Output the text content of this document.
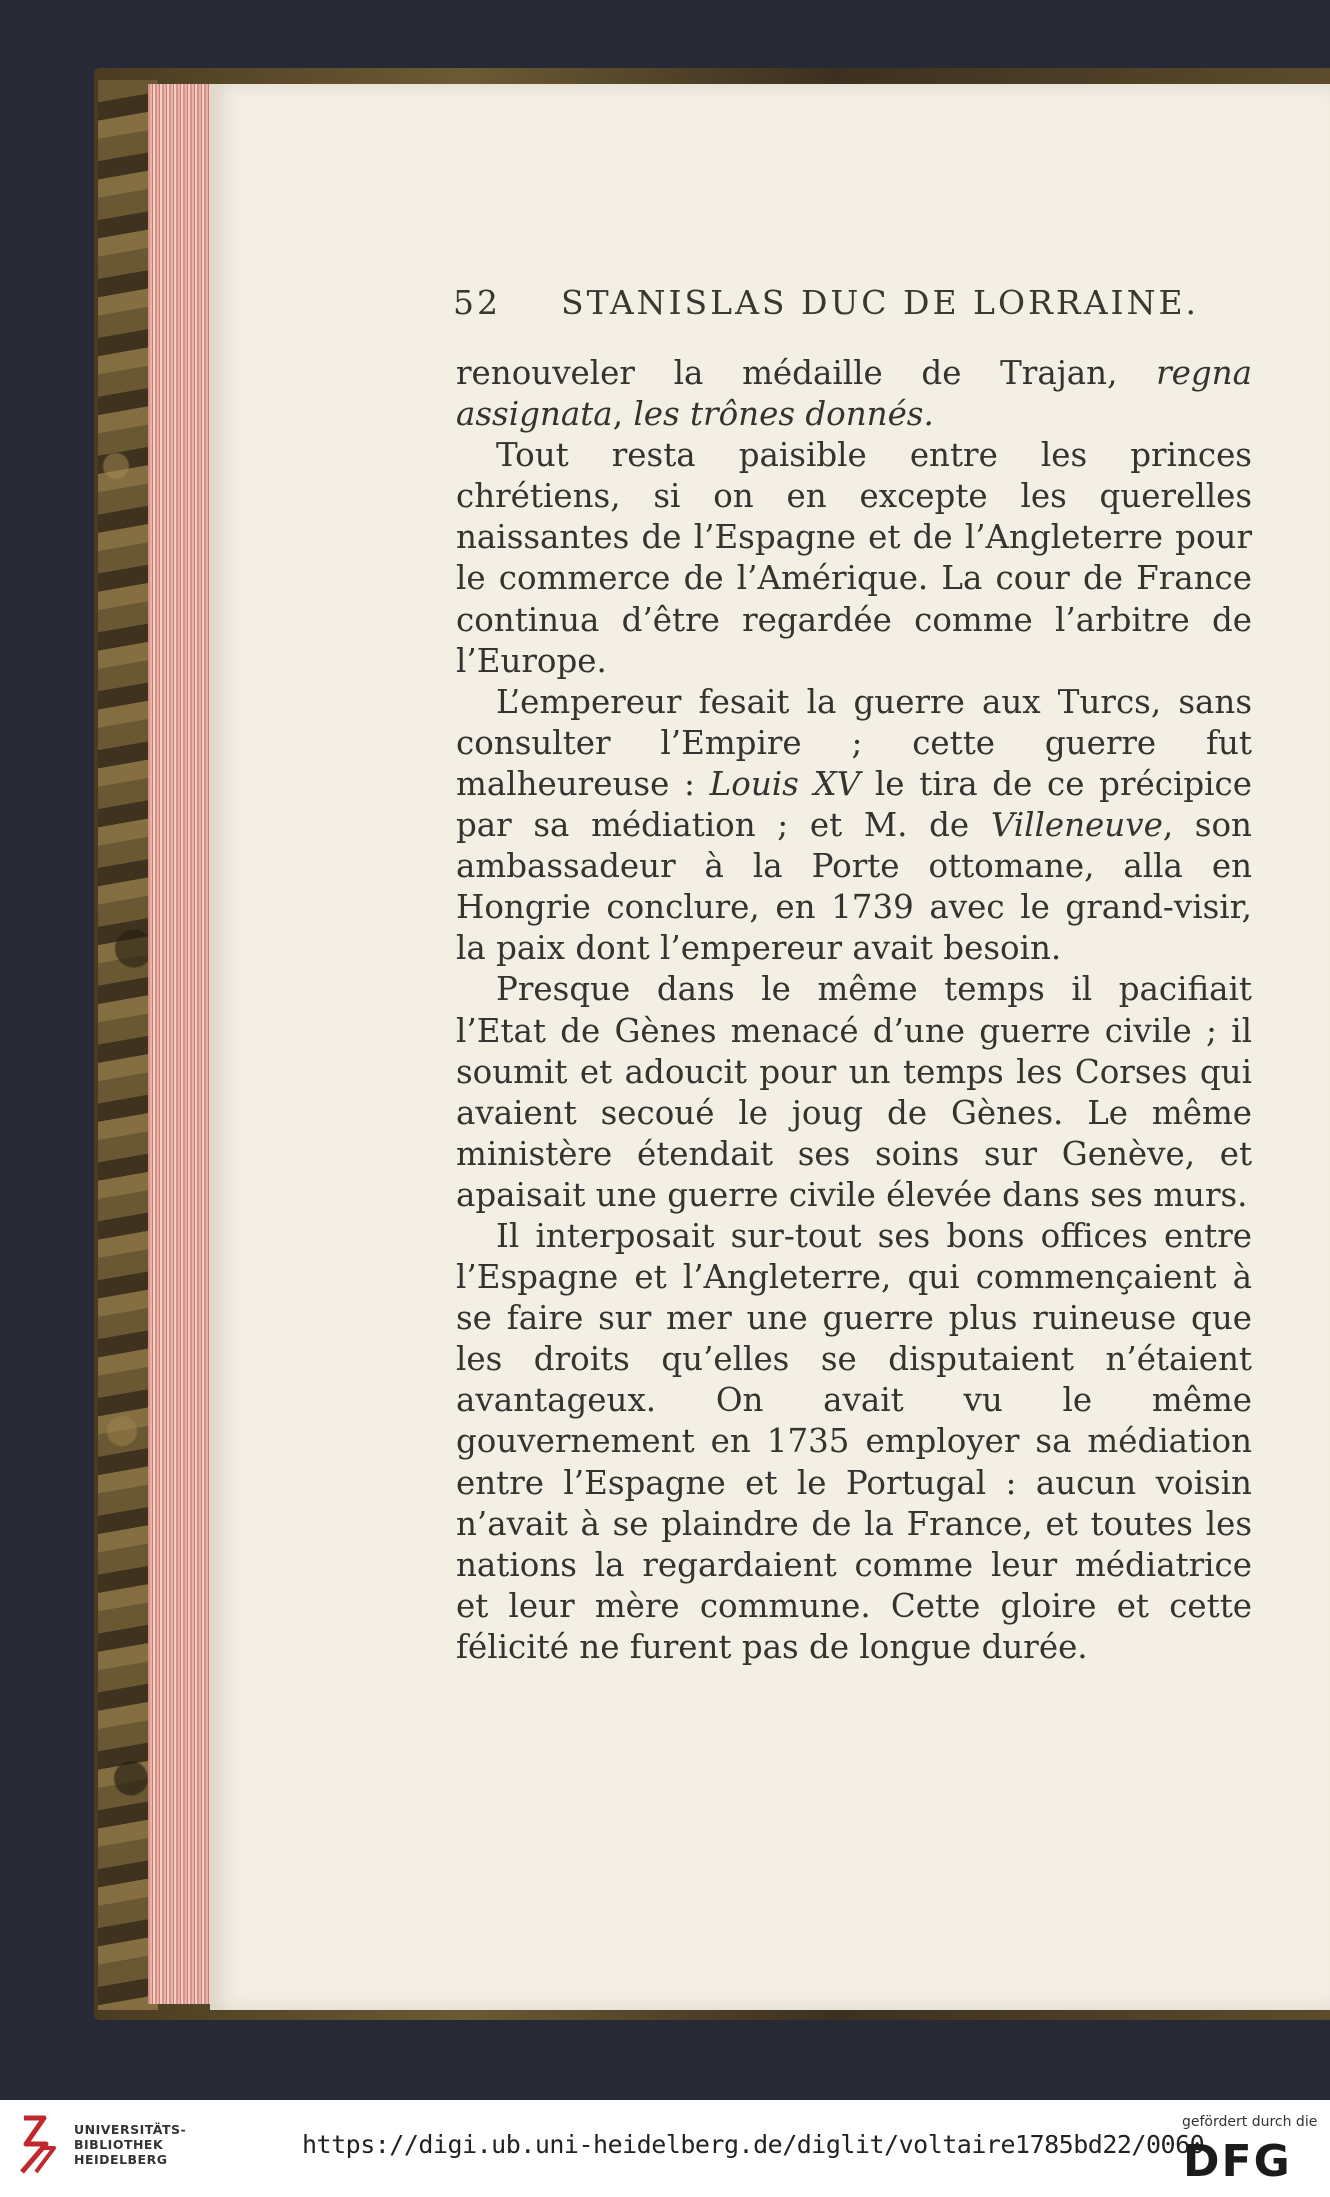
52 STANISLAS DUC DE LORRAINE.

renouveler la médaille de Trajan, regna assignata, les trônes donnés.

Tout resta paisible entre les princes chrétiens, si on en excepte les querelles naissantes de l’Espagne et de l’Angleterre pour le commerce de l’Amérique. La cour de France continua d’être regardée comme l’arbitre de l’Europe.

L’empereur fesait la guerre aux Turcs, sans consulter l’Empire ; cette guerre fut malheureuse : Louis XV le tira de ce précipice par sa médiation ; et M. de Villeneuve, son ambassadeur à la Porte ottomane, alla en Hongrie conclure, en 1739 avec le grand-visir, la paix dont l’empereur avait besoin.

Presque dans le même temps il pacifiait l’Etat de Gènes menacé d’une guerre civile ; il soumit et adoucit pour un temps les Corses qui avaient secoué le joug de Gènes. Le même ministère étendait ses soins sur Genève, et apaisait une guerre civile élevée dans ses murs.

Il interposait sur-tout ses bons offices entre l’Espagne et l’Angleterre, qui commençaient à se faire sur mer une guerre plus ruineuse que les droits qu’elles se disputaient n’étaient avantageux. On avait vu le même gouvernement en 1735 employer sa médiation entre l’Espagne et le Portugal : aucun voisin n’avait à se plaindre de la France, et toutes les nations la regardaient comme leur médiatrice et leur mère commune. Cette gloire et cette félicité ne furent pas de longue durée.

UNIVERSITÄTS-
BIBLIOTHEK
HEIDELBERG
https://digi.ub.uni-heidelberg.de/diglit/voltaire1785bd22/0060
gefördert durch die
DFG
